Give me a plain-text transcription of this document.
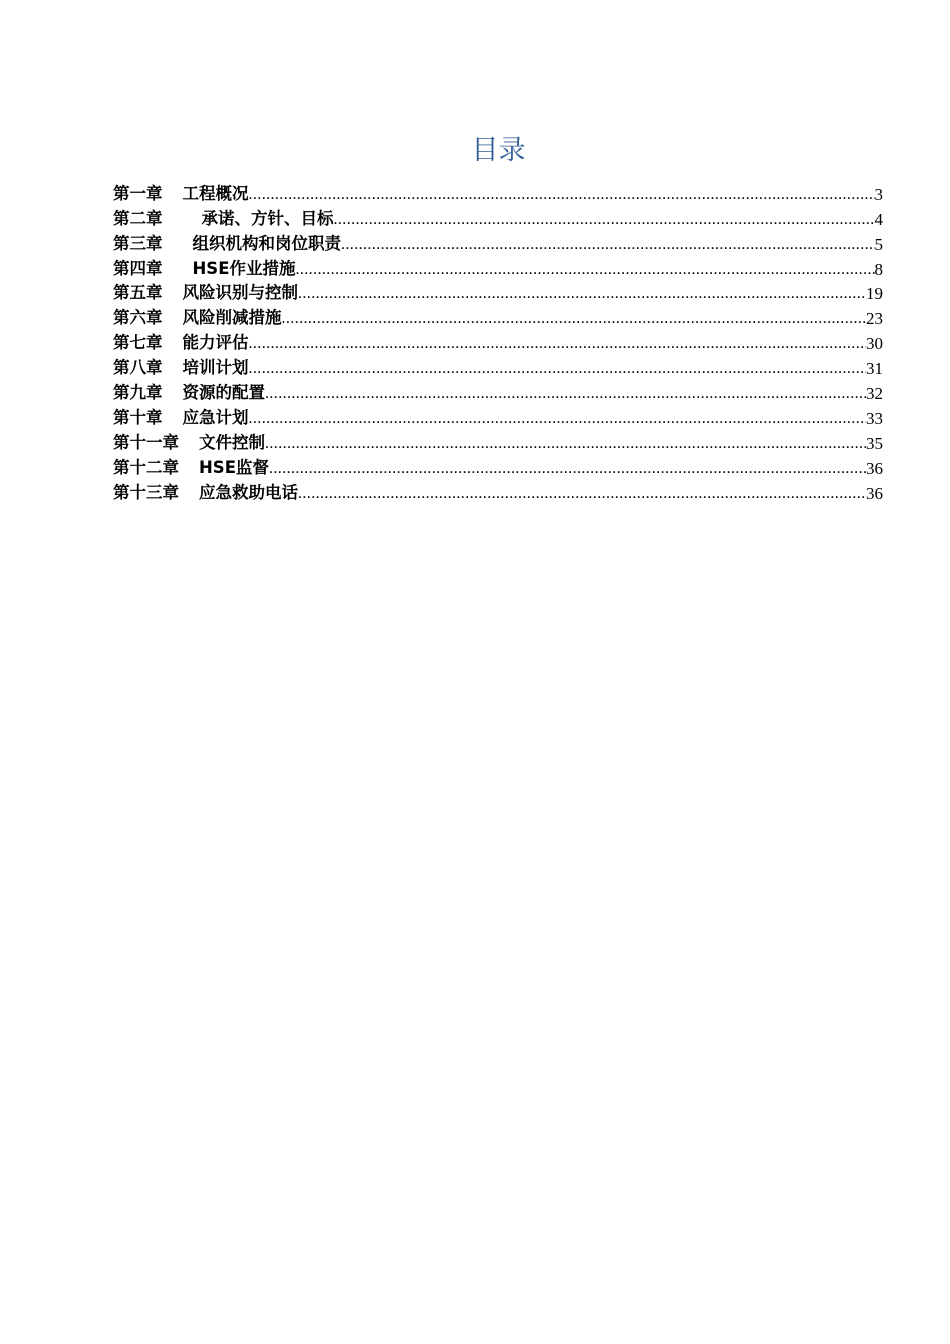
目录
第一章 工程概况 .....	3
第二章 承诺、方针、目标 .....	4
第三章 组织机构和岗位职责 .....	5
第四章 HSE作业措施 .....	8
第五章 风险识别与控制 .....	19
第六章 风险削减措施 .....	23
第七章 能力评估 .....	30
第八章 培训计划 .....	31
第九章 资源的配置 .....	32
第十章 应急计划 .....	33
第十一章 文件控制 .....	35
第十二章 HSE监督 .....	36
第十三章 应急救助电话 .....	36
